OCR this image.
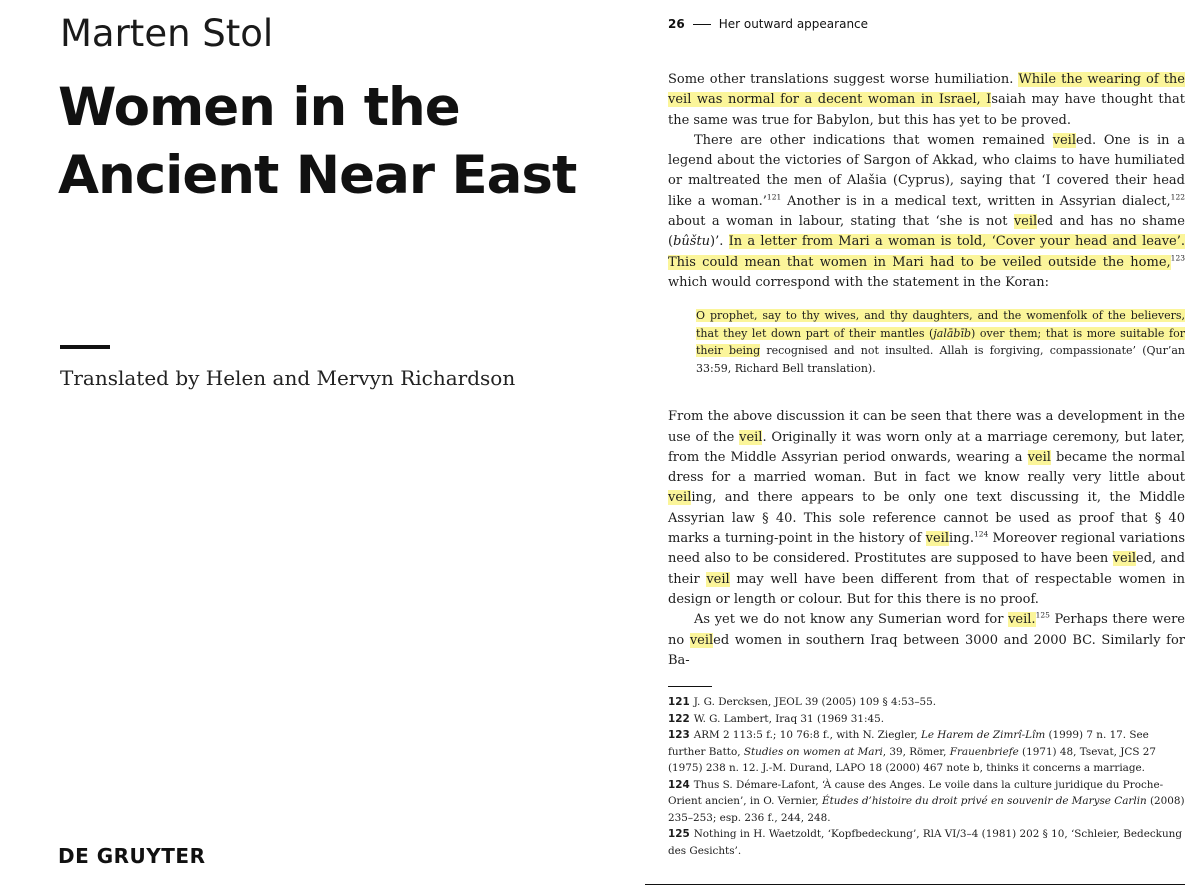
Marten Stol
Women in the Ancient Near East
Translated by Helen and Mervyn Richardson
DE GRUYTER
26	Her outward appearance

Some other translations suggest worse humiliation. While the wearing of the veil was normal for a decent woman in Israel, Isaiah may have thought that the same was true for Babylon, but this has yet to be proved.

There are other indications that women remained veiled. One is in a legend about the victories of Sargon of Akkad, who claims to have humiliated or maltreated the men of Alašia (Cyprus), saying that ‘I covered their head like a woman.’$^{121}$ Another is in a medical text, written in Assyrian dialect,$^{122}$ about a woman in labour, stating that ‘she is not veiled and has no shame (bûštu)’. In a letter from Mari a woman is told, ‘Cover your head and leave’. This could mean that women in Mari had to be veiled outside the home,$^{123}$ which would correspond with the statement in the Koran:

O prophet, say to thy wives, and thy daughters, and the womenfolk of the believers, that they let down part of their mantles (jalābīb) over them; that is more suitable for their being recognised and not insulted. Allah is forgiving, compassionate’ (Qur’an 33:59, Richard Bell translation).

From the above discussion it can be seen that there was a development in the use of the veil. Originally it was worn only at a marriage ceremony, but later, from the Middle Assyrian period onwards, wearing a veil became the normal dress for a married woman. But in fact we know really very little about veiling, and there appears to be only one text discussing it, the Middle Assyrian law § 40. This sole reference cannot be used as proof that § 40 marks a turning-point in the history of veiling.$^{124}$ Moreover regional variations need also to be considered. Prostitutes are supposed to have been veiled, and their veil may well have been different from that of respectable women in design or length or colour. But for this there is no proof.

As yet we do not know any Sumerian word for veil.$^{125}$ Perhaps there were no veiled women in southern Iraq between 3000 and 2000 BC. Similarly for Ba-

121 J. G. Dercksen, JEOL 39 (2005) 109 § 4:53–55.

122 W. G. Lambert, Iraq 31 (1969 31:45.

123 ARM 2 113:5 f.; 10 76:8 f., with N. Ziegler, Le Harem de Zimrî-Lîm (1999) 7 n. 17. See further Batto, Studies on women at Mari, 39, Römer, Frauenbriefe (1971) 48, Tsevat, JCS 27 (1975) 238 n. 12. J.-M. Durand, LAPO 18 (2000) 467 note b, thinks it concerns a marriage.

124 Thus S. Démare-Lafont, ‘À cause des Anges. Le voile dans la culture juridique du Proche-Orient ancien’, in O. Vernier, Études d’histoire du droit privé en souvenir de Maryse Carlin (2008) 235–253; esp. 236 f., 244, 248.

125 Nothing in H. Waetzoldt, ‘Kopfbedeckung’, RlA VI/3–4 (1981) 202 § 10, ‘Schleier, Bedeckung des Gesichts’.
